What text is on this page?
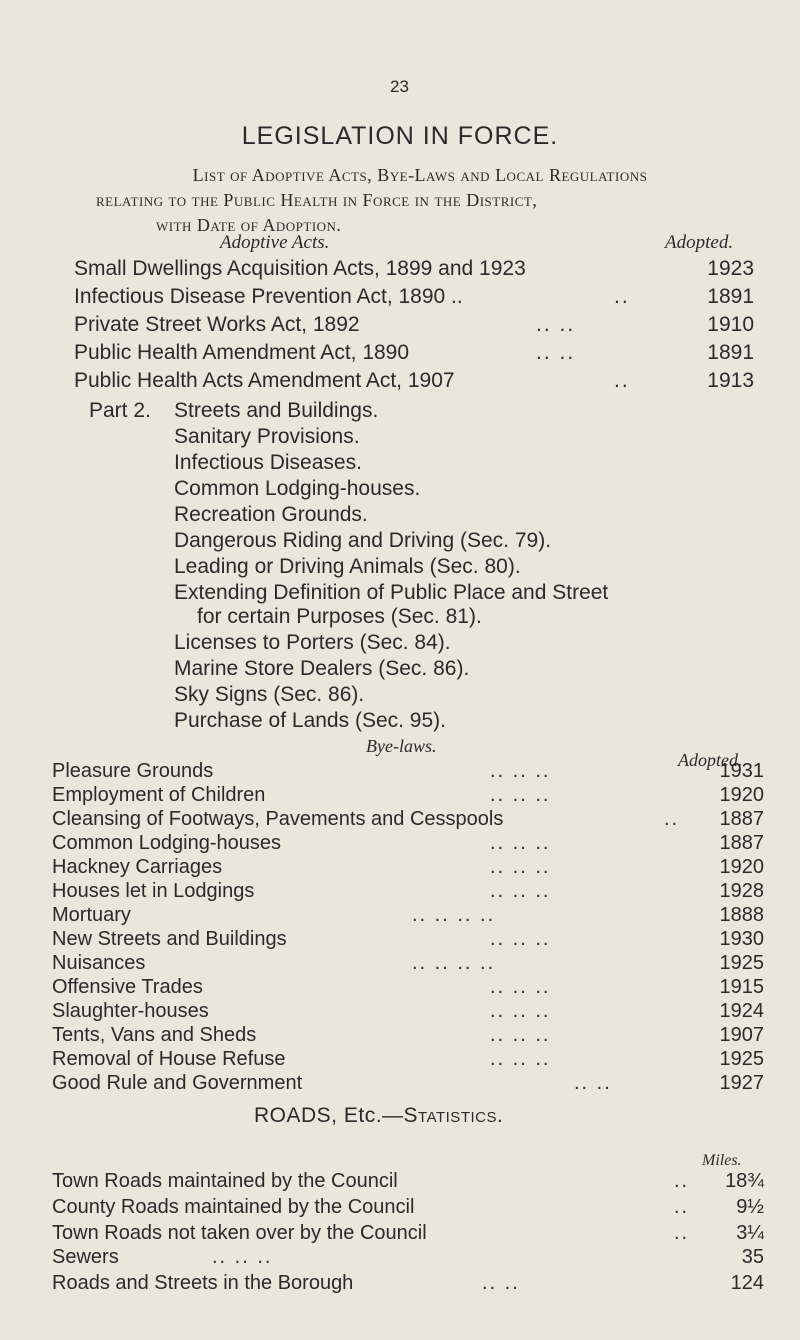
23
LEGISLATION IN FORCE.
List of Adoptive Acts, Bye-Laws and Local Regulations
relating to the Public Health in Force in the District,
with Date of Adoption.
Adoptive Acts.	Adopted.
Small Dwellings Acquisition Acts, 1899 and 1923	1923
Infectious Disease Prevention Act, 1890 ..	..	1891
Private Street Works Act, 1892	.. ..	1910
Public Health Amendment Act, 1890	.. ..	1891
Public Health Acts Amendment Act, 1907	..	1913
Part 2. Streets and Buildings.
Sanitary Provisions.
Infectious Diseases.
Common Lodging-houses.
Recreation Grounds.
Dangerous Riding and Driving (Sec. 79).
Leading or Driving Animals (Sec. 80).
Extending Definition of Public Place and Street
for certain Purposes (Sec. 81).
Licenses to Porters (Sec. 84).
Marine Store Dealers (Sec. 86).
Sky Signs (Sec. 86).
Purchase of Lands (Sec. 95).
Bye-laws.
Adopted.
Pleasure Grounds	.. .. ..	1931
Employment of Children	.. .. ..	1920
Cleansing of Footways, Pavements and Cesspools	.. 1887
Common Lodging-houses	.. .. ..	1887
Hackney Carriages	.. .. ..	1920
Houses let in Lodgings	.. .. ..	1928
Mortuary	.. .. .. ..	1888
New Streets and Buildings	.. .. ..	1930
Nuisances	.. .. .. ..	1925
Offensive Trades	.. .. ..	1915
Slaughter-houses	.. .. ..	1924
Tents, Vans and Sheds	.. .. ..	1907
Removal of House Refuse	.. .. ..	1925
Good Rule and Government	.. ..	1927
ROADS, Etc.—Statistics.
Miles.
Town Roads maintained by the Council	.. 18¾
County Roads maintained by the Council	.. 9½
Town Roads not taken over by the Council	.. 3¼
Sewers	.. .. ..	35
Roads and Streets in the Borough	.. ..	124
